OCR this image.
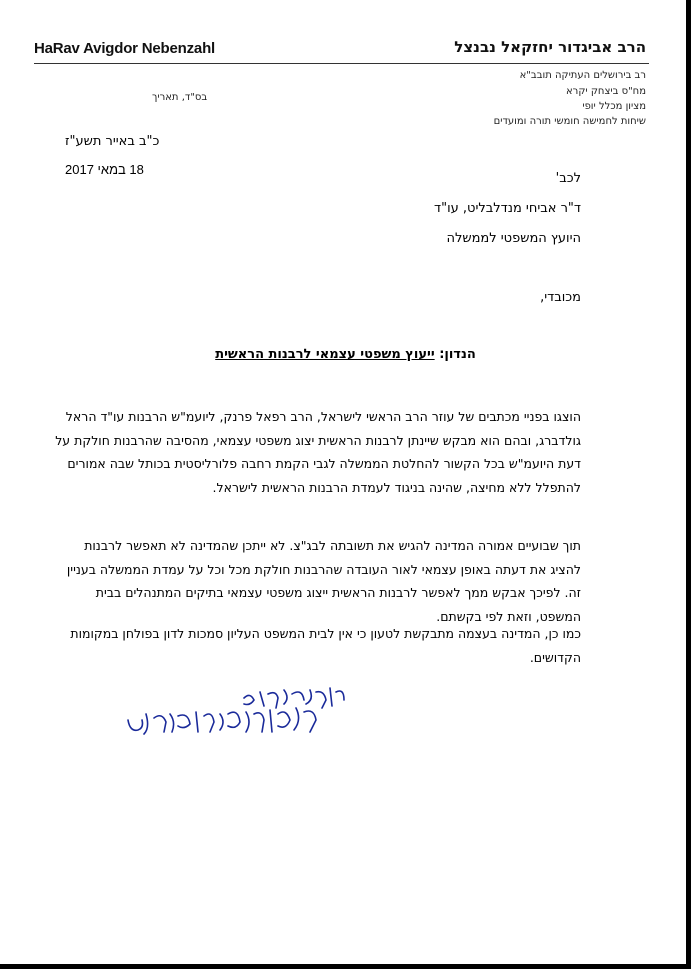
HaRav Avigdor Nebenzahl	הרב אביגדור יחזקאל נבנצל
רב בירושלים העתיקה תובב"א
מח"ס ביצחק יקרא
מציון מכלל יופי
שיחות לחמישה חומשי תורה ומועדים
בס"ד, תאריך
כ"ב באייר תשע"ז
18 במאי 2017
לכב'
ד"ר אביחי מנדלבליט, עו"ד
היועץ המשפטי לממשלה
מכובדי,
הנדון: ייעוץ משפטי עצמאי לרבנות הראשית
הוצגו בפניי מכתבים של עוזר הרב הראשי לישראל, הרב רפאל פרנק, ליועמ"ש הרבנות עו"ד הראל גולדברג, ובהם הוא מבקש שיינתן לרבנות הראשית יצוג משפטי עצמאי, מהסיבה שהרבנות חולקת על דעת היועמ"ש בכל הקשור להחלטת הממשלה לגבי הקמת רחבה פלורליסטית בכותל שבה אמורים להתפלל ללא מחיצה, שהינה בניגוד לעמדת הרבנות הראשית לישראל.
תוך שבועיים אמורה המדינה להגיש את תשובתה לבג"צ. לא ייתכן שהמדינה לא תאפשר לרבנות להציג את דעתה באופן עצמאי לאור העובדה שהרבנות חולקת מכל וכל על עמדת הממשלה בעניין זה. לפיכך אבקש ממך לאפשר לרבנות הראשית ייצוג משפטי עצמאי בתיקים המתנהלים בבית המשפט, וזאת לפי בקשתם.
כמו כן, המדינה בעצמה מתבקשת לטעון כי אין לבית המשפט העליון סמכות לדון בפולחן במקומות הקדושים.
